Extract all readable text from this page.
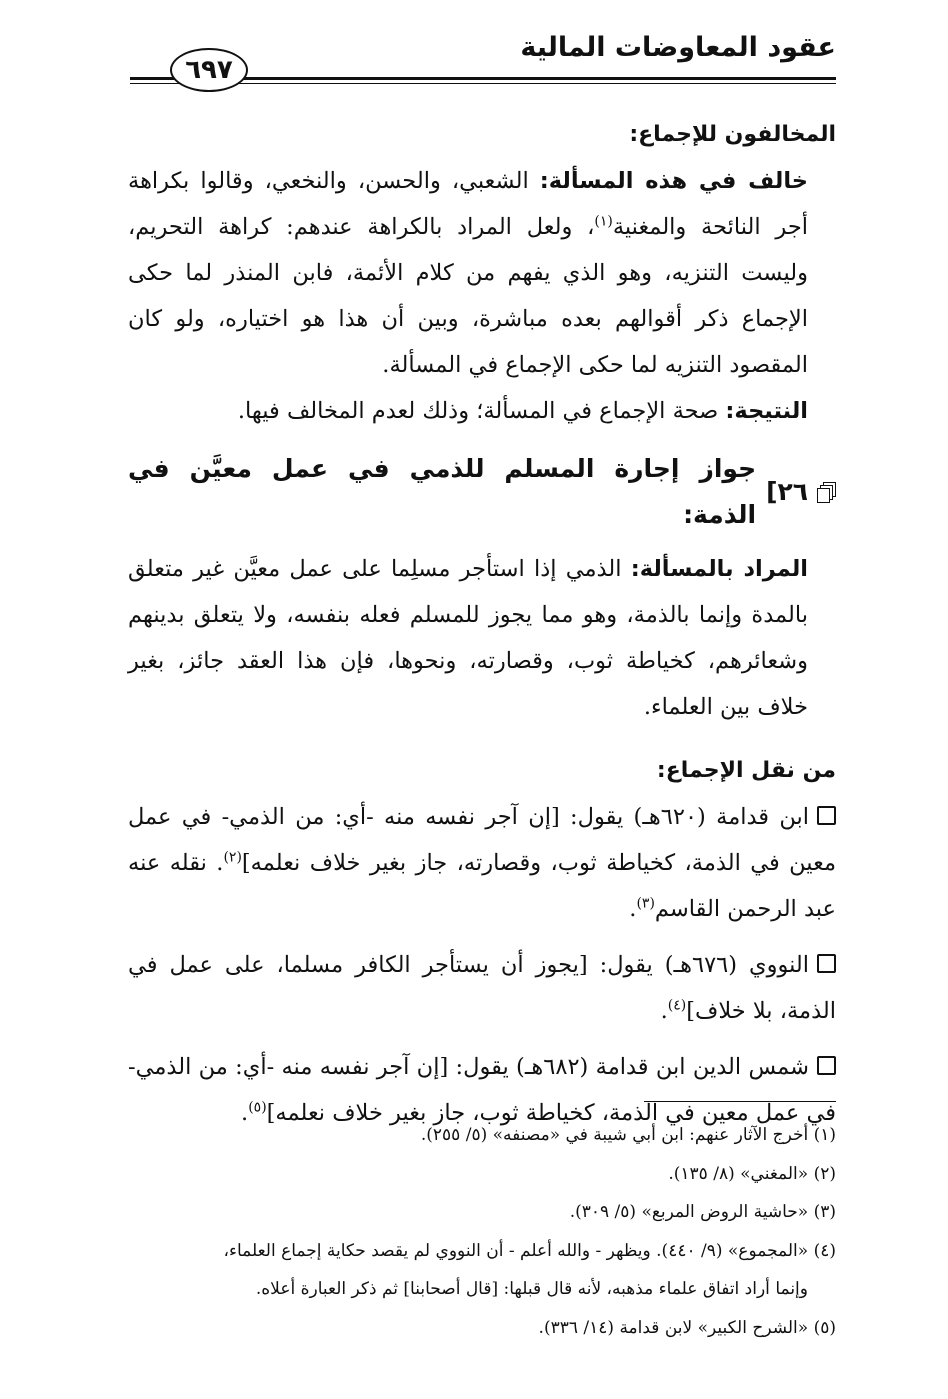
عقود المعاوضات المالية
٦٩٧

المخالفون للإجماع:

خالف في هذه المسألة: الشعبي، والحسن، والنخعي، وقالوا بكراهة أجر النائحة والمغنية$^{(١)}$، ولعل المراد بالكراهة عندهم: كراهة التحريم، وليست التنزيه، وهو الذي يفهم من كلام الأئمة، فابن المنذر لما حكى الإجماع ذكر أقوالهم بعده مباشرة، وبين أن هذا هو اختياره، ولو كان المقصود التنزيه لما حكى الإجماع في المسألة.

النتيجة: صحة الإجماع في المسألة؛ وذلك لعدم المخالف فيها.

٢٦]
جواز إجارة المسلم للذمي في عمل معيَّن في الذمة:

المراد بالمسألة: الذمي إذا استأجر مسلِما على عمل معيَّن غير متعلق بالمدة وإنما بالذمة، وهو مما يجوز للمسلم فعله بنفسه، ولا يتعلق بدينهم وشعائرهم، كخياطة ثوب، وقصارته، ونحوها، فإن هذا العقد جائز، بغير خلاف بين العلماء.

من نقل الإجماع:

ابن قدامة (٦٢٠هـ) يقول: [إن آجر نفسه منه -أي: من الذمي- في عمل معين في الذمة، كخياطة ثوب، وقصارته، جاز بغير خلاف نعلمه]$^{(٢)}$. نقله عنه عبد الرحمن القاسم$^{(٣)}$.

النووي (٦٧٦هـ) يقول: [يجوز أن يستأجر الكافر مسلما، على عمل في الذمة، بلا خلاف]$^{(٤)}$.

شمس الدين ابن قدامة (٦٨٢هـ) يقول: [إن آجر نفسه منه -أي: من الذمي- في عمل معين في الذمة، كخياطة ثوب، جاز بغير خلاف نعلمه]$^{(٥)}$.

(١) أخرج الآثار عنهم: ابن أبي شيبة في «مصنفه» (٥/ ٢٥٥).

(٢) «المغني» (٨/ ١٣٥).

(٣) «حاشية الروض المربع» (٥/ ٣٠٩).

(٤) «المجموع» (٩/ ٤٤٠). ويظهر - والله أعلم - أن النووي لم يقصد حكاية إجماع العلماء،

وإنما أراد اتفاق علماء مذهبه، لأنه قال قبلها: [قال أصحابنا] ثم ذكر العبارة أعلاه.

(٥) «الشرح الكبير» لابن قدامة (١٤/ ٣٣٦).
